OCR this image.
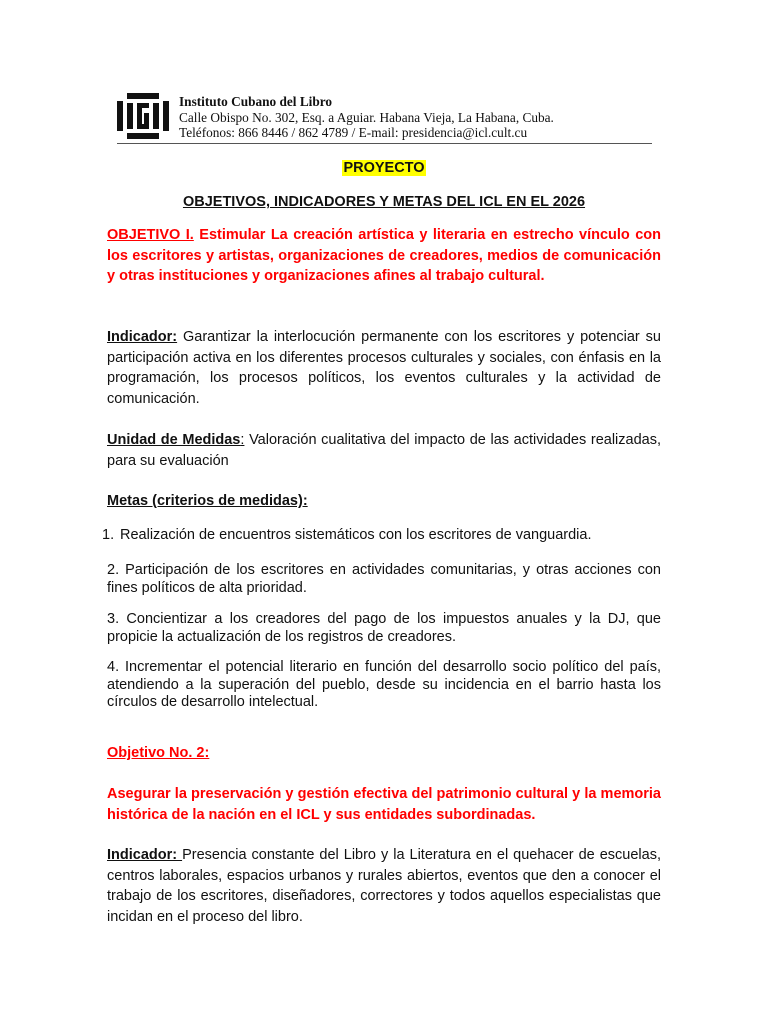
Instituto Cubano del Libro
Calle Obispo No. 302, Esq. a Aguiar. Habana Vieja, La Habana, Cuba.
Teléfonos: 866 8446 / 862 4789 / E-mail: presidencia@icl.cult.cu
PROYECTO
OBJETIVOS, INDICADORES Y METAS DEL ICL EN EL 2026
OBJETIVO I. Estimular La creación artística y literaria en estrecho vínculo con los escritores y artistas, organizaciones de creadores, medios de comunicación y otras instituciones y organizaciones afines al trabajo cultural.
Indicador: Garantizar la interlocución permanente con los escritores y potenciar su participación activa en los diferentes procesos culturales y sociales, con énfasis en la programación, los procesos políticos, los eventos culturales y la actividad de comunicación.
Unidad de Medidas: Valoración cualitativa del impacto de las actividades realizadas, para su evaluación
Metas (criterios de medidas):
1. Realización de encuentros sistemáticos con los escritores de vanguardia.
2. Participación de los escritores en actividades comunitarias, y otras acciones con fines políticos de alta prioridad.
3. Concientizar a los creadores del pago de los impuestos anuales y la DJ, que propicie la actualización de los registros de creadores.
4. Incrementar el potencial literario en función del desarrollo socio político del país, atendiendo a la superación del pueblo, desde su incidencia en el barrio hasta los círculos de desarrollo intelectual.
Objetivo No. 2:
Asegurar la preservación y gestión efectiva del patrimonio cultural y la memoria histórica de la nación en el ICL y sus entidades subordinadas.
Indicador: Presencia constante del Libro y la Literatura en el quehacer de escuelas, centros laborales, espacios urbanos y rurales abiertos, eventos que den a conocer el trabajo de los escritores, diseñadores, correctores y todos aquellos especialistas que incidan en el proceso del libro.
